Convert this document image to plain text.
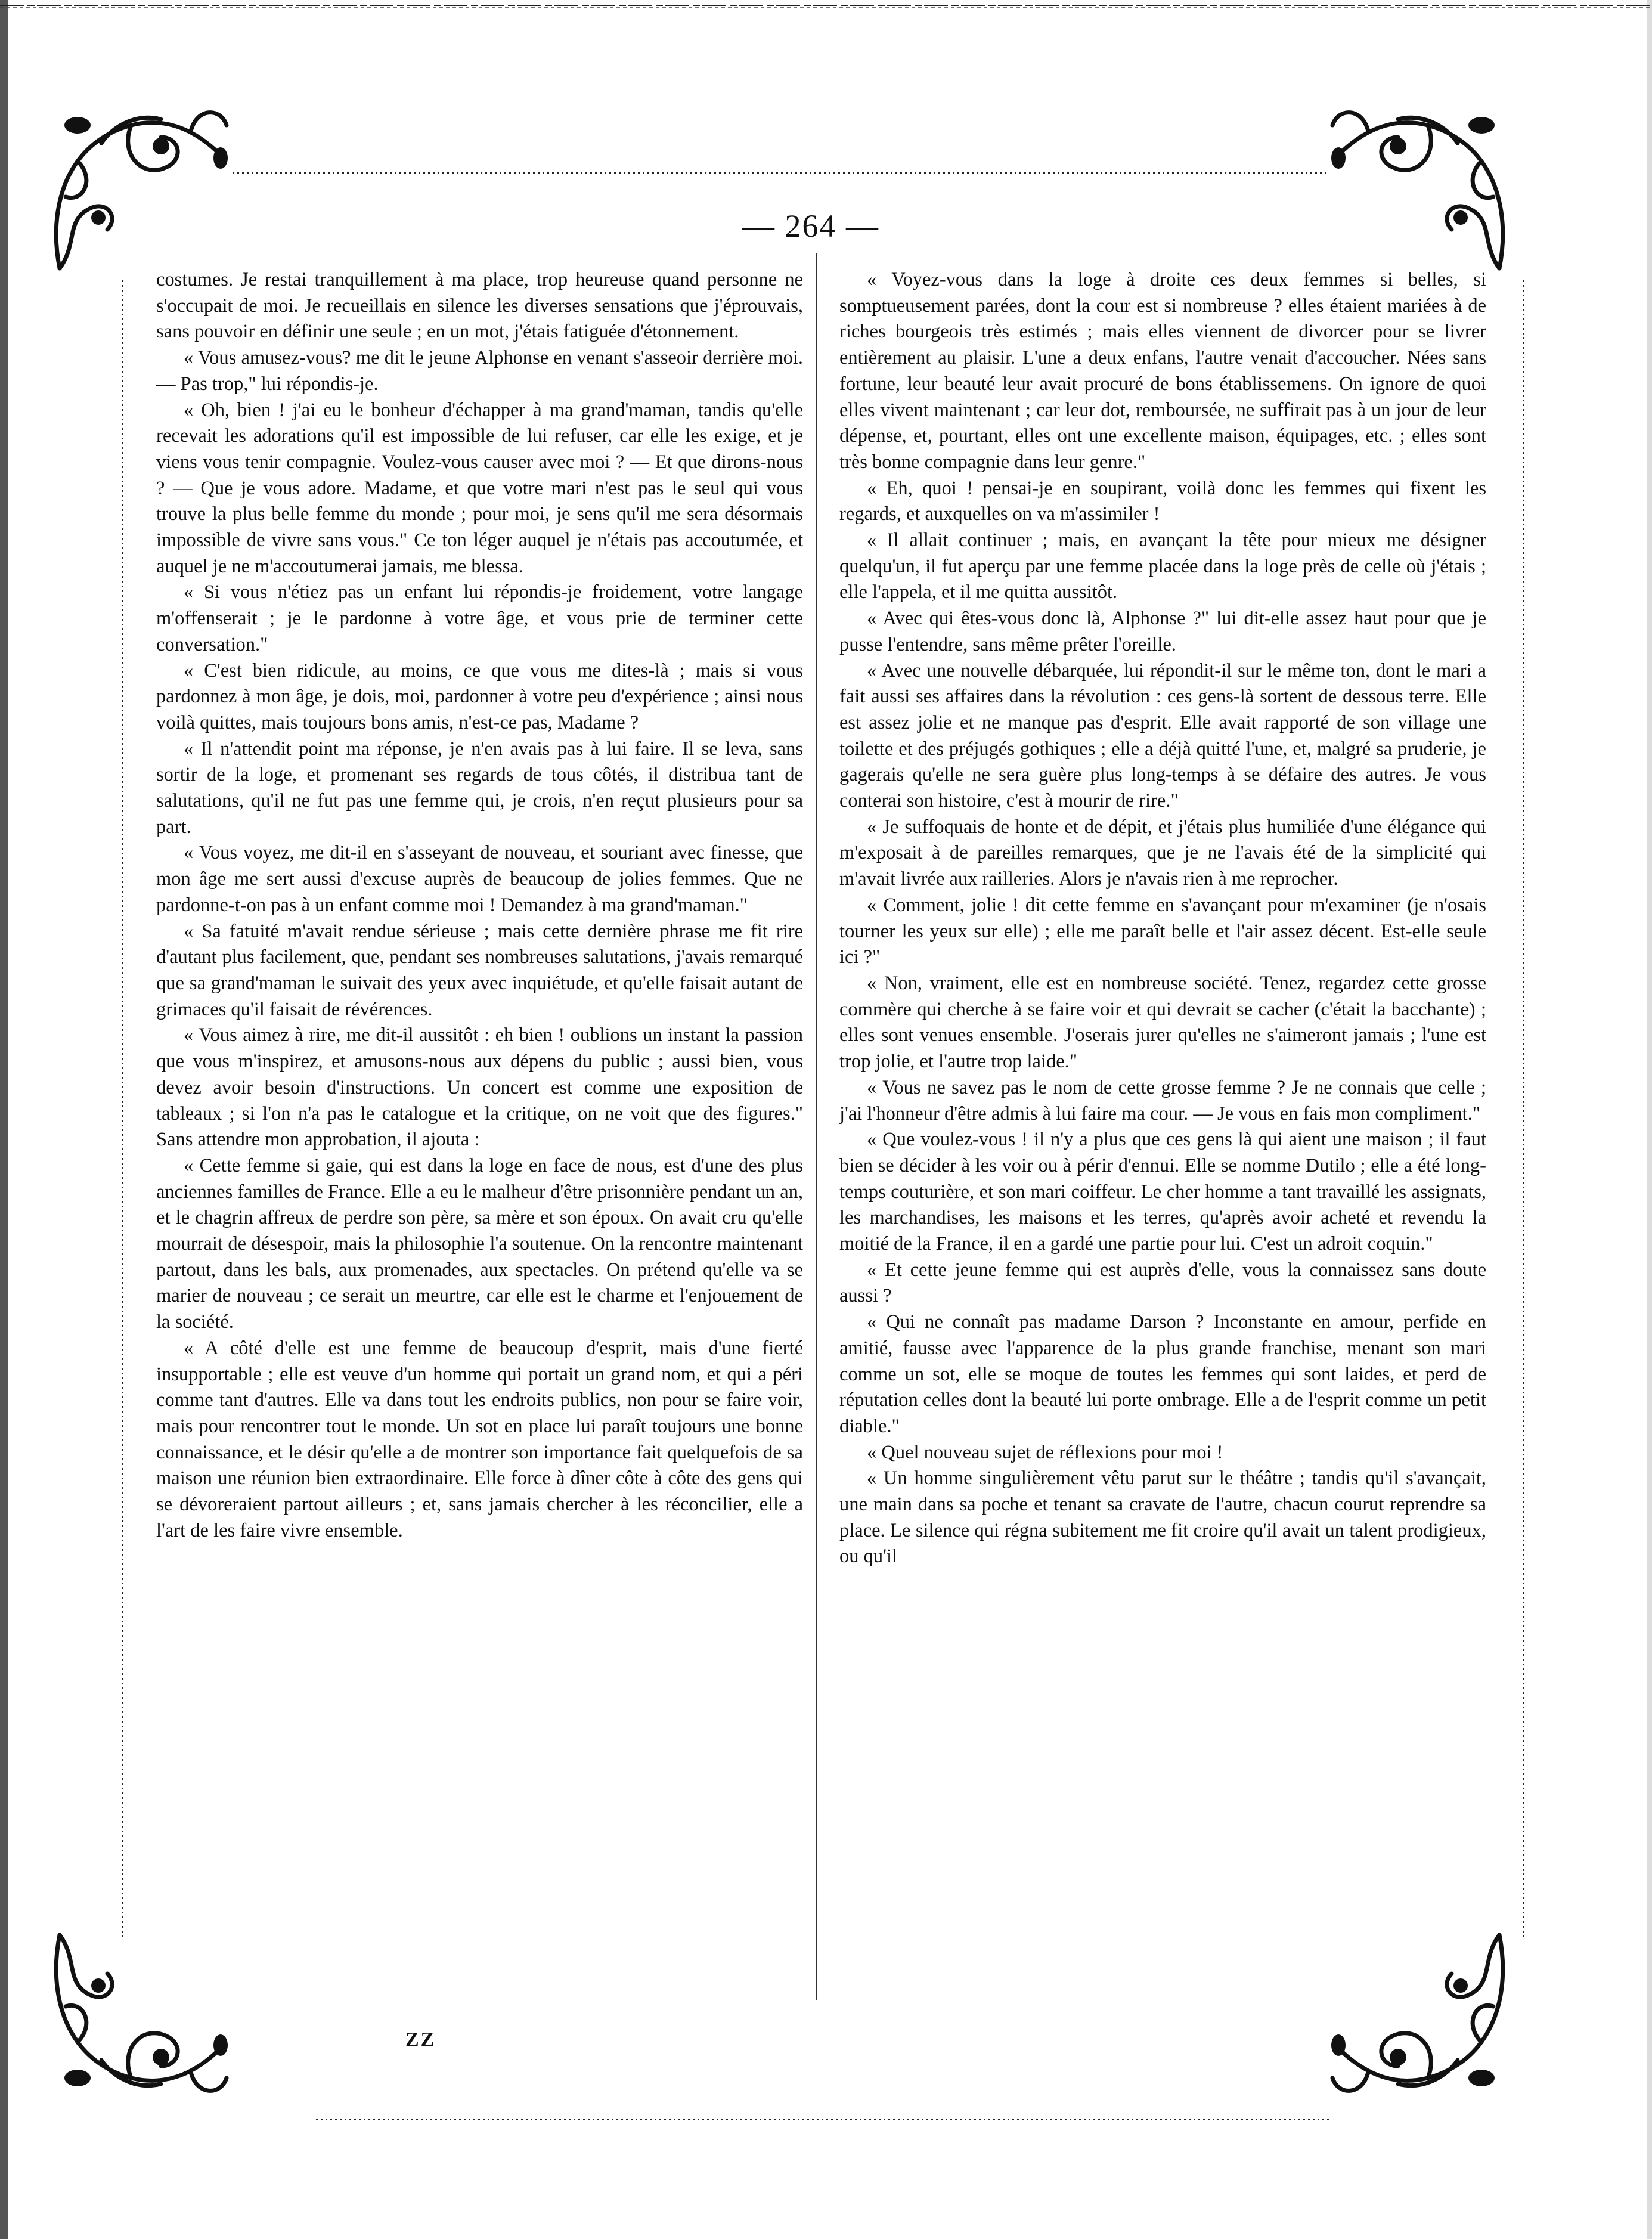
— 264 —

costumes. Je restai tranquillement à ma place, trop heureuse quand personne ne s'occupait de moi. Je recueillais en silence les diverses sensations que j'éprouvais, sans pouvoir en définir une seule ; en un mot, j'étais fatiguée d'étonnement.

« Vous amusez-vous? me dit le jeune Alphonse en venant s'asseoir derrière moi. — Pas trop," lui répondis-je.

« Oh, bien ! j'ai eu le bonheur d'échapper à ma grand'maman, tandis qu'elle recevait les adorations qu'il est impossible de lui refuser, car elle les exige, et je viens vous tenir compagnie. Voulez-vous causer avec moi ? — Et que dirons-nous ? — Que je vous adore. Madame, et que votre mari n'est pas le seul qui vous trouve la plus belle femme du monde ; pour moi, je sens qu'il me sera désormais impossible de vivre sans vous." Ce ton léger auquel je n'étais pas accoutumée, et auquel je ne m'accoutumerai jamais, me blessa.

« Si vous n'étiez pas un enfant lui répondis-je froidement, votre langage m'offenserait ; je le pardonne à votre âge, et vous prie de terminer cette conversation."

« C'est bien ridicule, au moins, ce que vous me dites-là ; mais si vous pardonnez à mon âge, je dois, moi, pardonner à votre peu d'expérience ; ainsi nous voilà quittes, mais toujours bons amis, n'est-ce pas, Madame ?

« Il n'attendit point ma réponse, je n'en avais pas à lui faire. Il se leva, sans sortir de la loge, et promenant ses regards de tous côtés, il distribua tant de salutations, qu'il ne fut pas une femme qui, je crois, n'en reçut plusieurs pour sa part.

« Vous voyez, me dit-il en s'asseyant de nouveau, et souriant avec finesse, que mon âge me sert aussi d'excuse auprès de beaucoup de jolies femmes. Que ne pardonne-t-on pas à un enfant comme moi ! Demandez à ma grand'maman."

« Sa fatuité m'avait rendue sérieuse ; mais cette dernière phrase me fit rire d'autant plus facilement, que, pendant ses nombreuses salutations, j'avais remarqué que sa grand'maman le suivait des yeux avec inquiétude, et qu'elle faisait autant de grimaces qu'il faisait de révérences.

« Vous aimez à rire, me dit-il aussitôt : eh bien ! oublions un instant la passion que vous m'inspirez, et amusons-nous aux dépens du public ; aussi bien, vous devez avoir besoin d'instructions. Un concert est comme une exposition de tableaux ; si l'on n'a pas le catalogue et la critique, on ne voit que des figures." Sans attendre mon approbation, il ajouta :

« Cette femme si gaie, qui est dans la loge en face de nous, est d'une des plus anciennes familles de France. Elle a eu le malheur d'être prisonnière pendant un an, et le chagrin affreux de perdre son père, sa mère et son époux. On avait cru qu'elle mourrait de désespoir, mais la philosophie l'a soutenue. On la rencontre maintenant partout, dans les bals, aux promenades, aux spectacles. On prétend qu'elle va se marier de nouveau ; ce serait un meurtre, car elle est le charme et l'enjouement de la société.

« A côté d'elle est une femme de beaucoup d'esprit, mais d'une fierté insupportable ; elle est veuve d'un homme qui portait un grand nom, et qui a péri comme tant d'autres. Elle va dans tout les endroits publics, non pour se faire voir, mais pour rencontrer tout le monde. Un sot en place lui paraît toujours une bonne connaissance, et le désir qu'elle a de montrer son importance fait quelquefois de sa maison une réunion bien extraordinaire. Elle force à dîner côte à côte des gens qui se dévoreraient partout ailleurs ; et, sans jamais chercher à les réconcilier, elle a l'art de les faire vivre ensemble.

« Voyez-vous dans la loge à droite ces deux femmes si belles, si somptueusement parées, dont la cour est si nombreuse ? elles étaient mariées à de riches bourgeois très estimés ; mais elles viennent de divorcer pour se livrer entièrement au plaisir. L'une a deux enfans, l'autre venait d'accoucher. Nées sans fortune, leur beauté leur avait procuré de bons établissemens. On ignore de quoi elles vivent maintenant ; car leur dot, remboursée, ne suffirait pas à un jour de leur dépense, et, pourtant, elles ont une excellente maison, équipages, etc. ; elles sont très bonne compagnie dans leur genre."

« Eh, quoi ! pensai-je en soupirant, voilà donc les femmes qui fixent les regards, et auxquelles on va m'assimiler !

« Il allait continuer ; mais, en avançant la tête pour mieux me désigner quelqu'un, il fut aperçu par une femme placée dans la loge près de celle où j'étais ; elle l'appela, et il me quitta aussitôt.

« Avec qui êtes-vous donc là, Alphonse ?" lui dit-elle assez haut pour que je pusse l'entendre, sans même prêter l'oreille.

« Avec une nouvelle débarquée, lui répondit-il sur le même ton, dont le mari a fait aussi ses affaires dans la révolution : ces gens-là sortent de dessous terre. Elle est assez jolie et ne manque pas d'esprit. Elle avait rapporté de son village une toilette et des préjugés gothiques ; elle a déjà quitté l'une, et, malgré sa pruderie, je gagerais qu'elle ne sera guère plus long-temps à se défaire des autres. Je vous conterai son histoire, c'est à mourir de rire."

« Je suffoquais de honte et de dépit, et j'étais plus humiliée d'une élégance qui m'exposait à de pareilles remarques, que je ne l'avais été de la simplicité qui m'avait livrée aux railleries. Alors je n'avais rien à me reprocher.

« Comment, jolie ! dit cette femme en s'avançant pour m'examiner (je n'osais tourner les yeux sur elle) ; elle me paraît belle et l'air assez décent. Est-elle seule ici ?"

« Non, vraiment, elle est en nombreuse société. Tenez, regardez cette grosse commère qui cherche à se faire voir et qui devrait se cacher (c'était la bacchante) ; elles sont venues ensemble. J'oserais jurer qu'elles ne s'aimeront jamais ; l'une est trop jolie, et l'autre trop laide."

« Vous ne savez pas le nom de cette grosse femme ? Je ne connais que celle ; j'ai l'honneur d'être admis à lui faire ma cour. — Je vous en fais mon compliment."

« Que voulez-vous ! il n'y a plus que ces gens là qui aient une maison ; il faut bien se décider à les voir ou à périr d'ennui. Elle se nomme Dutilo ; elle a été long-temps couturière, et son mari coiffeur. Le cher homme a tant travaillé les assignats, les marchandises, les maisons et les terres, qu'après avoir acheté et revendu la moitié de la France, il en a gardé une partie pour lui. C'est un adroit coquin."

« Et cette jeune femme qui est auprès d'elle, vous la connaissez sans doute aussi ?

« Qui ne connaît pas madame Darson ? Inconstante en amour, perfide en amitié, fausse avec l'apparence de la plus grande franchise, menant son mari comme un sot, elle se moque de toutes les femmes qui sont laides, et perd de réputation celles dont la beauté lui porte ombrage. Elle a de l'esprit comme un petit diable."

« Quel nouveau sujet de réflexions pour moi !

« Un homme singulièrement vêtu parut sur le théâtre ; tandis qu'il s'avançait, une main dans sa poche et tenant sa cravate de l'autre, chacun courut reprendre sa place. Le silence qui régna subitement me fit croire qu'il avait un talent prodigieux, ou qu'il

ZZ
